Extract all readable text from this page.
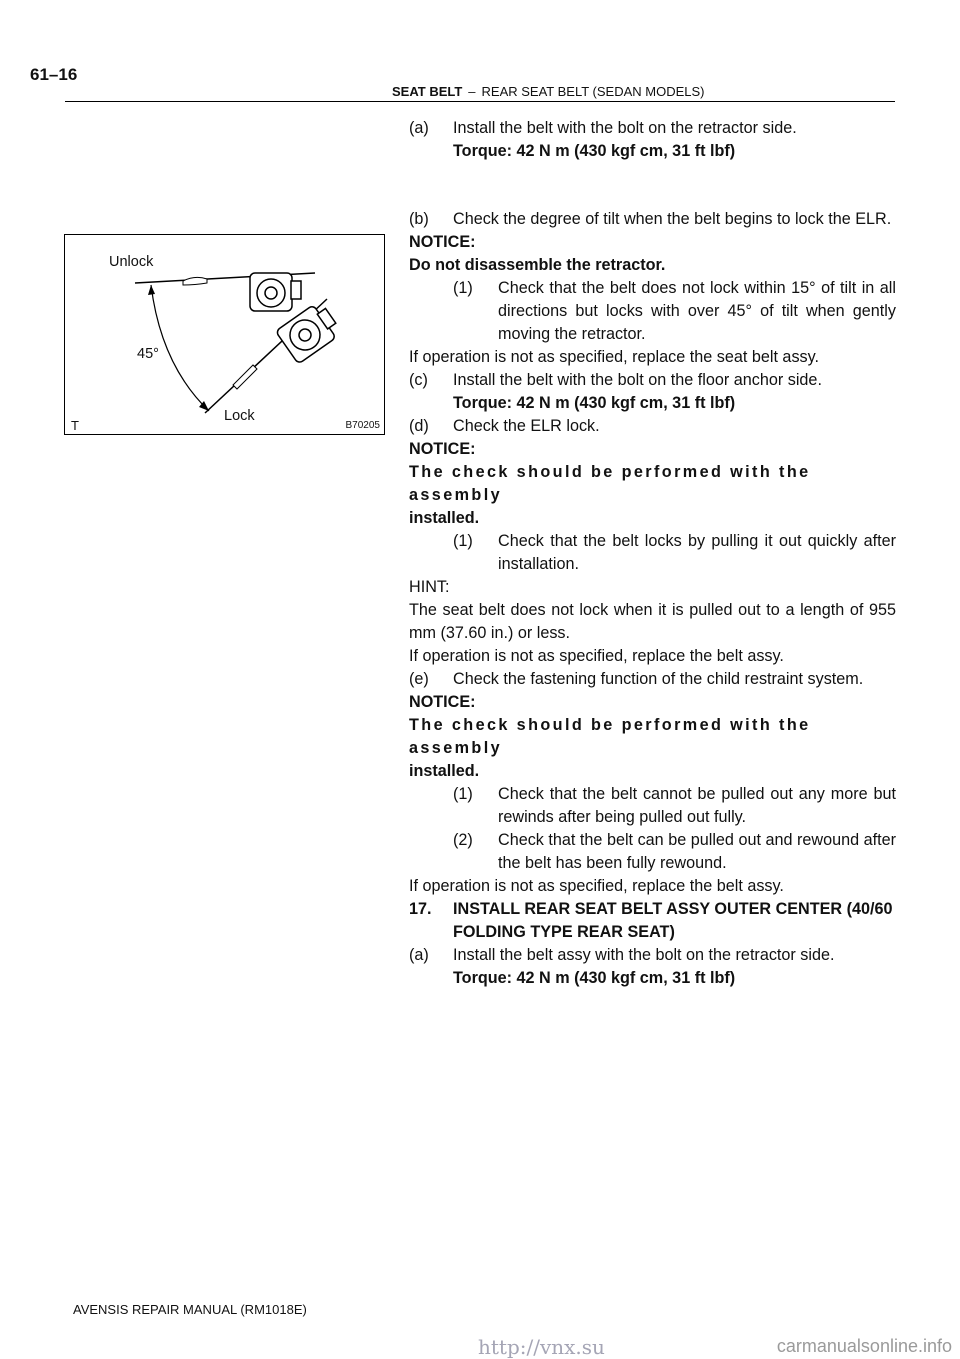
61–16
SEAT BELT – REAR SEAT BELT (SEDAN MODELS)
Unlock
45°
Lock
T	B70205
(a)	Install the belt with the bolt on the retractor side.
Torque: 42 N m (430 kgf cm, 31 ft lbf)
(b)	Check the degree of tilt when the belt begins to lock the ELR.
NOTICE:
Do not disassemble the retractor.
(1)	Check that the belt does not lock within 15° of tilt in all directions but locks with over 45° of tilt when gently moving the retractor.
If operation is not as specified, replace the seat belt assy.
(c)	Install the belt with the bolt on the floor anchor side.
Torque: 42 N m (430 kgf cm, 31 ft lbf)
(d)	Check the ELR lock.
NOTICE:
The check should be performed with the assembly
installed.
(1)	Check that the belt locks by pulling it out quickly after installation.
HINT:
The seat belt does not lock when it is pulled out to a length of 955 mm (37.60 in.) or less.
If operation is not as specified, replace the belt assy.
(e)	Check the fastening function of the child restraint system.
NOTICE:
The check should be performed with the assembly
installed.
(1)	Check that the belt cannot be pulled out any more but rewinds after being pulled out fully.
(2)	Check that the belt can be pulled out and rewound after the belt has been fully rewound.
If operation is not as specified, replace the belt assy.
17.	INSTALL REAR SEAT BELT ASSY OUTER CENTER (40/60 FOLDING TYPE REAR SEAT)
(a)	Install the belt assy with the bolt on the retractor side.
Torque: 42 N m (430 kgf cm, 31 ft lbf)
AVENSIS REPAIR MANUAL (RM1018E)
http://vnx.su	carmanualsonline.info
